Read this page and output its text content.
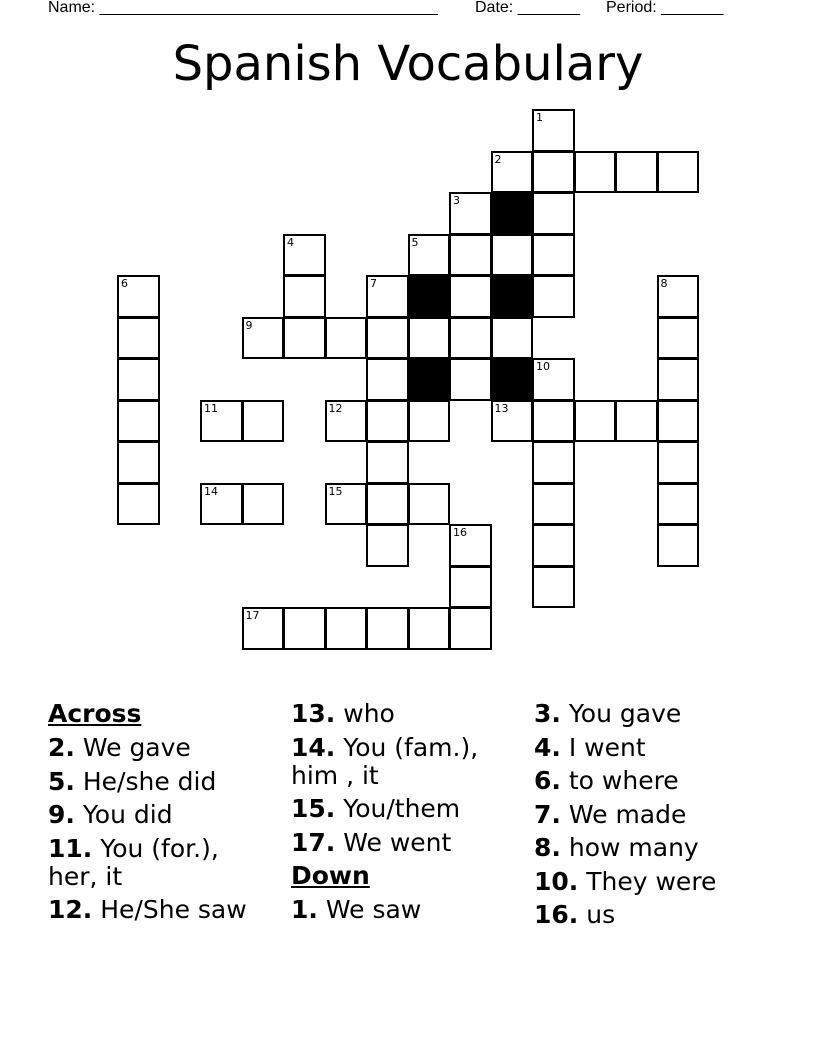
Name: ______________________________________ Date: _______ Period: _______
Spanish Vocabulary
1
2
3
4	5
6	7	8
9
10
11	12	13
14	15
16
17
Across
2. We gave
5. He/she did
9. You did
11. You (for.), her, it
12. He/She saw
13. who
14. You (fam.), him , it
15. You/them
17. We went
Down
1. We saw
3. You gave
4. I went
6. to where
7. We made
8. how many
10. They were
16. us
